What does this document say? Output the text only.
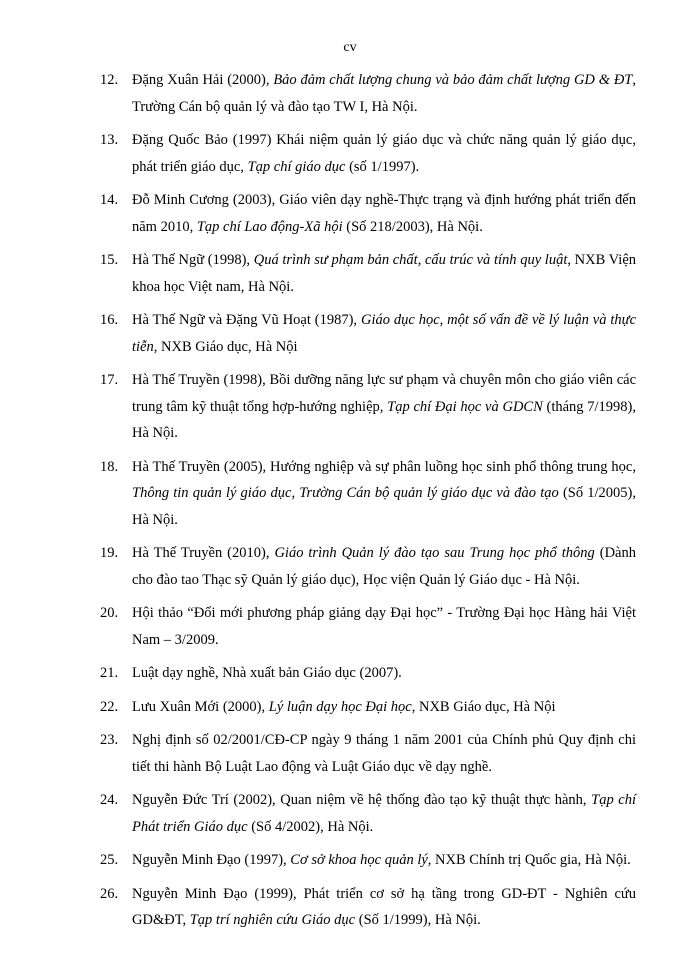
cv
12. Đặng Xuân Hải (2000), Bảo đảm chất lượng chung và bảo đảm chất lượng GD & ĐT, Trường Cán bộ quản lý và đào tạo TW I, Hà Nội.
13. Đặng Quốc Bảo (1997) Khái niệm quản lý giáo dục và chức năng quản lý giáo dục, phát triển giáo dục, Tạp chí giáo dục (số 1/1997).
14. Đỗ Minh Cương (2003), Giáo viên dạy nghề-Thực trạng và định hướng phát triển đến năm 2010, Tạp chí Lao động-Xã hội (Số 218/2003), Hà Nội.
15. Hà Thế Ngữ (1998), Quá trình sư phạm bản chất, cấu trúc và tính quy luật, NXB Viện khoa học Việt nam, Hà Nội.
16. Hà Thế Ngữ và Đặng Vũ Hoạt (1987), Giáo dục học, một số vấn đề về lý luận và thực tiễn, NXB Giáo dục, Hà Nội
17. Hà Thế Truyền (1998), Bồi dưỡng năng lực sư phạm và chuyên môn cho giáo viên các trung tâm kỹ thuật tổng hợp-hướng nghiệp, Tạp chí Đại học và GDCN (tháng 7/1998), Hà Nội.
18. Hà Thế Truyền (2005), Hướng nghiệp và sự phân luồng học sinh phổ thông trung học, Thông tin quản lý giáo dục, Trường Cán bộ quản lý giáo dục và đào tạo (Số 1/2005), Hà Nội.
19. Hà Thế Truyền (2010), Giáo trình Quản lý đào tạo sau Trung học phổ thông (Dành cho đào tao Thạc sỹ Quản lý giáo dục), Học viện Quản lý Giáo dục - Hà Nội.
20. Hội thảo “Đổi mới phương pháp giảng dạy Đại học” - Trường Đại học Hàng hải Việt Nam – 3/2009.
21. Luật dạy nghề, Nhà xuất bản Giáo dục (2007).
22. Lưu Xuân Mới (2000), Lý luận dạy học Đại học, NXB Giáo dục, Hà Nội
23. Nghị định số 02/2001/CĐ-CP ngày 9 tháng 1 năm 2001 của Chính phủ Quy định chi tiết thi hành Bộ Luật Lao động và Luật Giáo dục về dạy nghề.
24. Nguyễn Đức Trí (2002), Quan niệm về hệ thống đào tạo kỹ thuật thực hành, Tạp chí Phát triển Giáo dục (Số 4/2002), Hà Nội.
25. Nguyễn Minh Đạo (1997), Cơ sở khoa học quản lý, NXB Chính trị Quốc gia, Hà Nội.
26. Nguyễn Minh Đạo (1999), Phát triển cơ sở hạ tầng trong GD-ĐT - Nghiên cứu GD&ĐT, Tạp trí nghiên cứu Giáo dục (Số 1/1999), Hà Nội.
